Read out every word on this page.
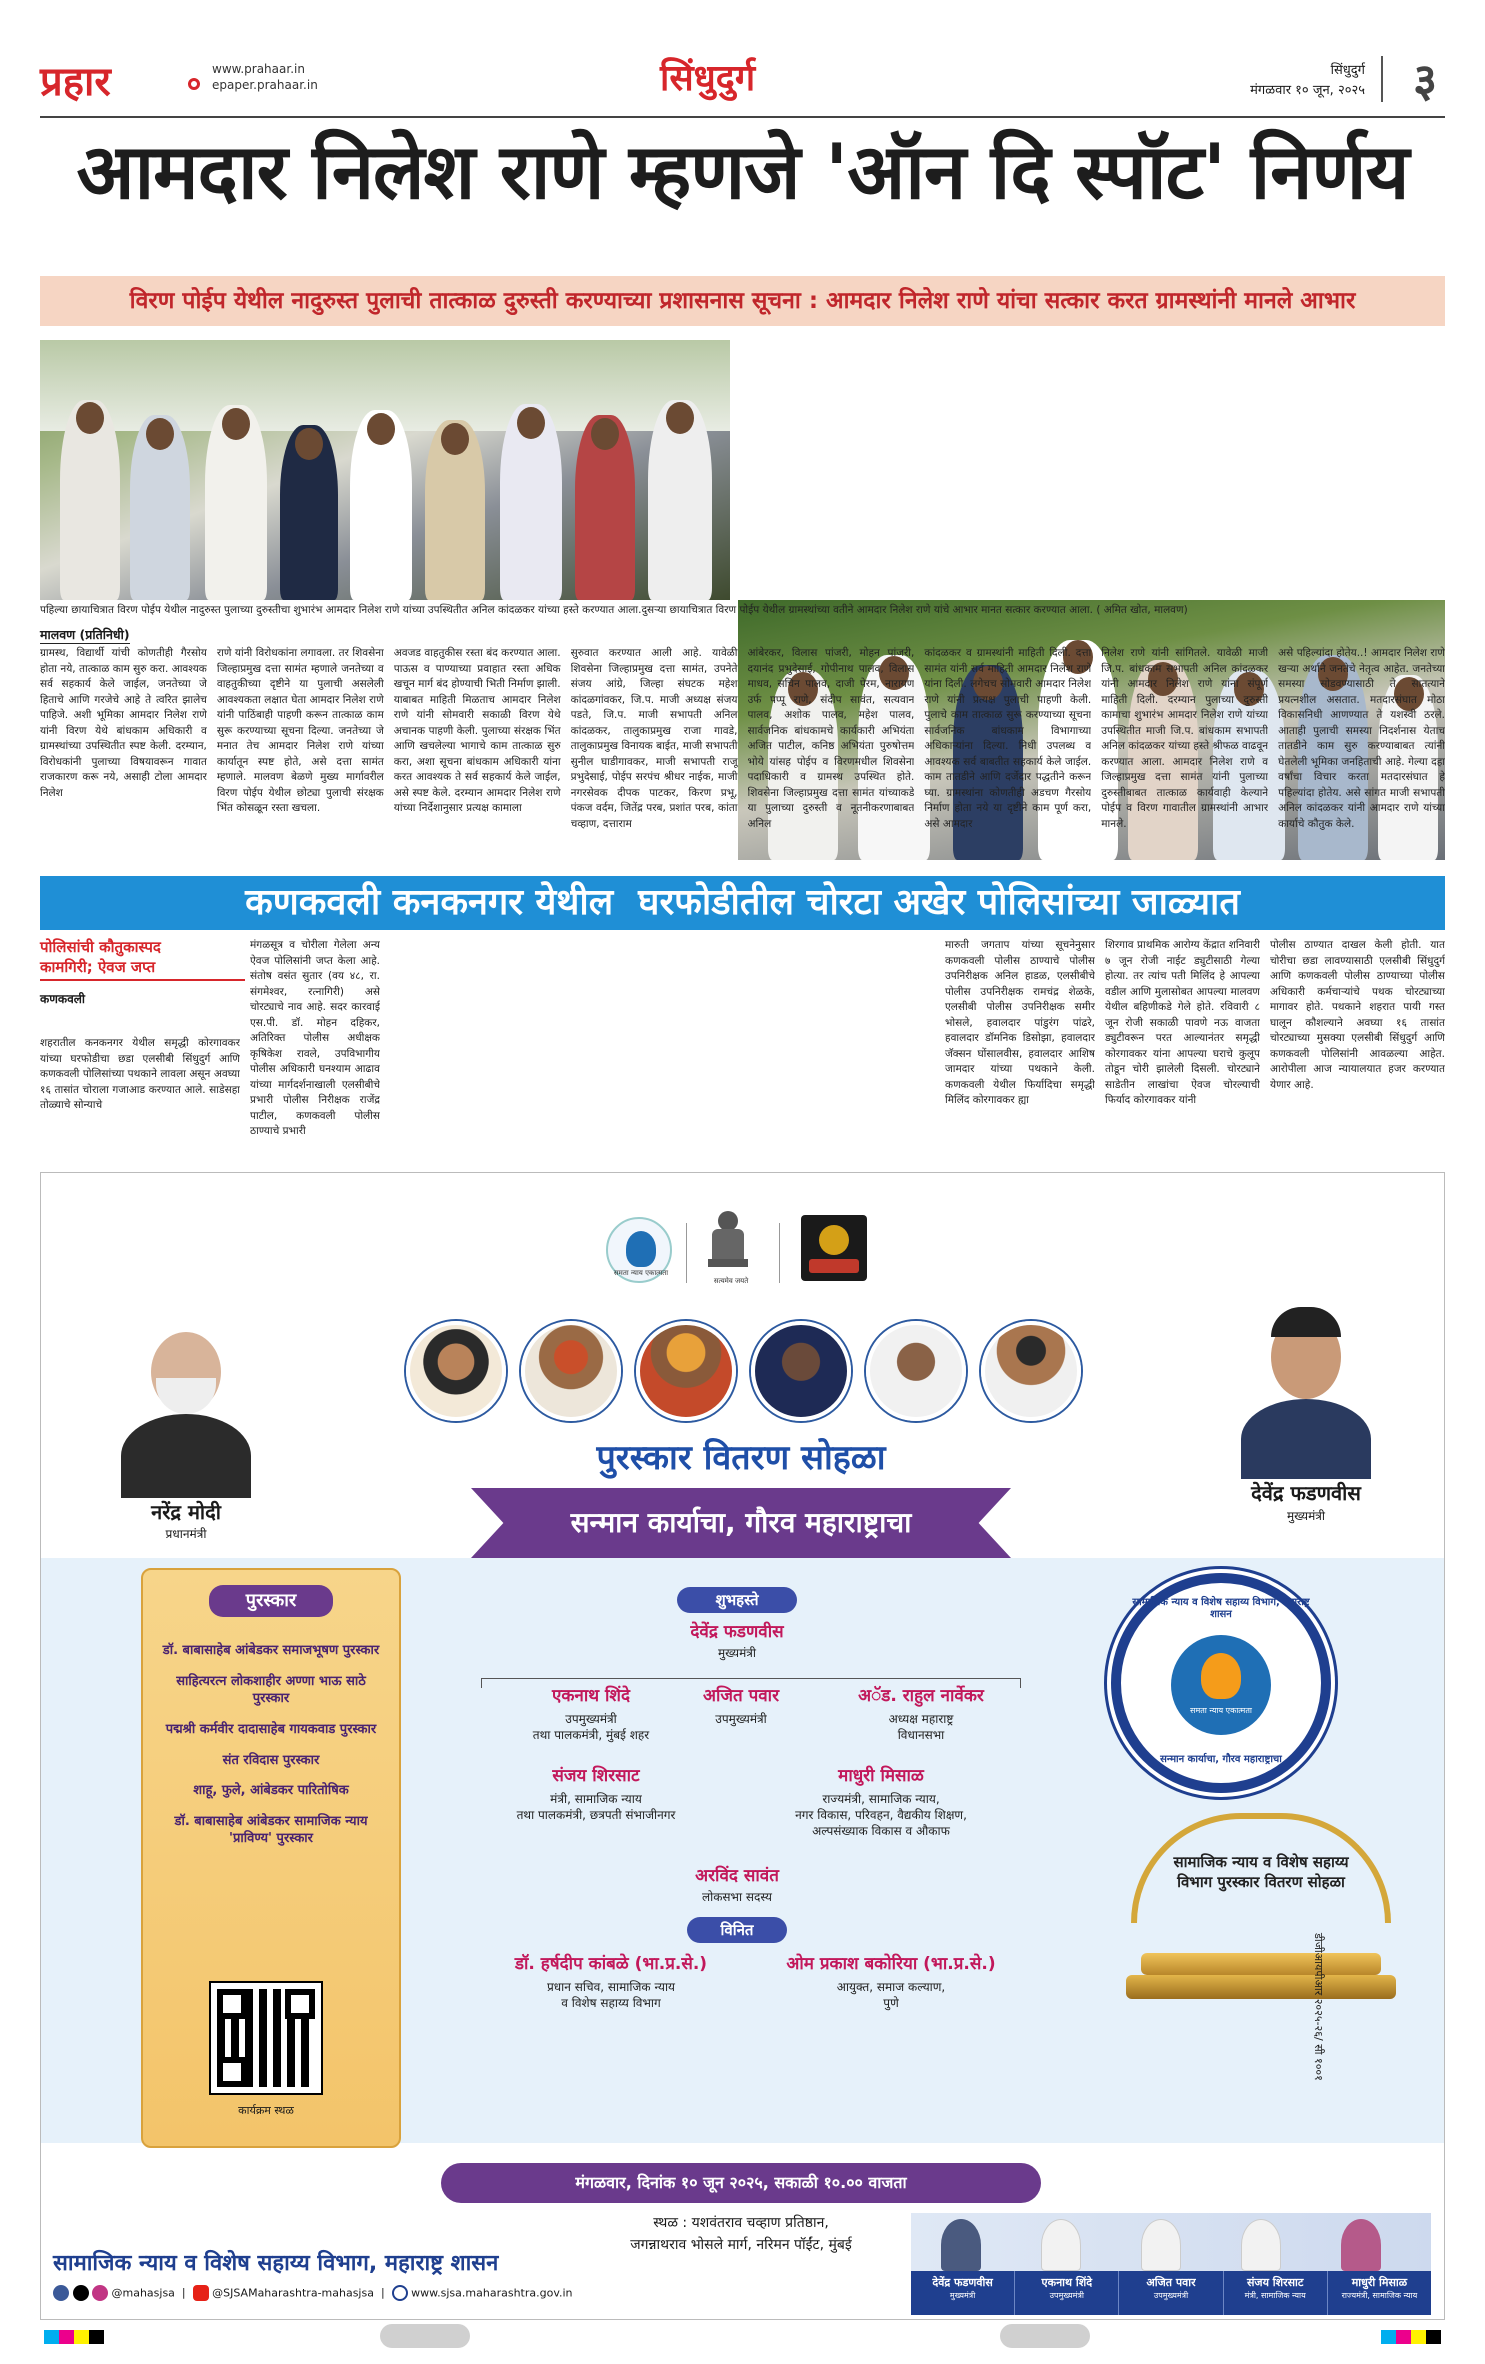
प्रहार	www.prahaar.in
epaper.prahaar.in	सिंधुदुर्ग	सिंधुदुर्ग
मंगळवार १० जून, २०२५ ३
आमदार निलेश राणे म्हणजे 'ऑन दि स्पॉट' निर्णय
विरण पोईप येथील नादुरुस्त पुलाची तात्काळ दुरुस्ती करण्याच्या प्रशासनास सूचना : आमदार निलेश राणे यांचा सत्कार करत ग्रामस्थांनी मानले आभार
पहिल्या छायाचित्रात विरण पोईप येथील नादुरुस्त पुलाच्या दुरुस्तीचा शुभारंभ आमदार निलेश राणे यांच्या उपस्थितीत अनिल कांदळकर यांच्या हस्ते करण्यात आला.दुसऱ्या छायाचित्रात विरण पोईप येथील ग्रामस्थांच्या वतीने आमदार निलेश राणे यांचे आभार मानत सत्कार करण्यात आला. ( अमित खोत, मालवण)
मालवण (प्रतिनिधी)
ग्रामस्थ, विद्यार्थी यांची कोणतीही गैरसोय होता नये, तात्काळ काम सुरु करा. आवश्यक सर्व सहकार्य केले जाईल, जनतेच्या जे हिताचे आणि गरजेचे आहे ते त्वरित झालेच पाहिजे. अशी भूमिका आमदार निलेश राणे यांनी विरण येथे बांधकाम अधिकारी व ग्रामस्थांच्या उपस्थितीत स्पष्ट केली. दरम्यान, विरोधकांनी पुलाच्या विषयावरून गावात राजकारण करू नये, असाही टोला आमदार निलेश
राणे यांनी विरोधकांना लगावला. तर शिवसेना जिल्हाप्रमुख दत्ता सामंत म्हणाले जनतेच्या व वाहतुकीच्या दृष्टीने या पुलाची असलेली आवश्यकता लक्षात घेता आमदार निलेश राणे यांनी पाठिंबाही पाहणी करून तात्काळ काम सुरू करण्याच्या सूचना दिल्या. जनतेच्या जे मनात तेच आमदार निलेश राणे यांच्या कार्यातून स्पष्ट होते, असे दत्ता सामंत म्हणाले. मालवण बेळणे मुख्य मार्गावरील विरण पोईप येथील छोट्या पुलाची संरक्षक भिंत कोसळून रस्ता खचला.
अवजड वाहतुकीस रस्ता बंद करण्यात आला. पाऊस व पाण्याच्या प्रवाहात रस्ता अधिक खचून मार्ग बंद होण्याची भिती निर्माण झाली. याबाबत माहिती मिळताच आमदार निलेश राणे यांनी सोमवारी सकाळी विरण येथे अचानक पाहणी केली. पुलाच्या संरक्षक भिंत आणि खचलेल्या भागाचे काम तात्काळ सुरु करा, अशा सूचना बांधकाम अधिकारी यांना करत आवश्यक ते सर्व सहकार्य केले जाईल, असे स्पष्ट केले. दरम्यान आमदार निलेश राणे यांच्या निर्देशानुसार प्रत्यक्ष कामाला
सुरुवात करण्यात आली आहे. यावेळी शिवसेना जिल्हाप्रमुख दत्ता सामंत, उपनेते संजय आंग्रे, जिल्हा संघटक महेश कांदळगांवकर, जि.प. माजी अध्यक्ष संजय पडते, जि.प. माजी सभापती अनिल कांदळकर, तालुकाप्रमुख राजा गावडे, तालुकाप्रमुख विनायक बाईत, माजी सभापती सुनील घाडीगावकर, माजी सभापती राजू प्रभुदेसाई, पोईप सरपंच श्रीधर नाईक, माजी नगरसेवक दीपक पाटकर, किरण प्रभू, पंकज वर्दम, जितेंद्र परब, प्रशांत परब, कांता चव्हाण, दत्ताराम
आंबेरकर, विलास पांजरी, मोहन पांजरी, दयानंद प्रभुदेसाई, गोपीनाथ पालव, विलास माधव, सचिन पालव, दाजी पेरम, नारायण उर्फ पप्पू राणे, संदीप सावंत, सत्यवान पालव, अशोक पालव, महेश पालव, सार्वजनिक बांधकामचे कार्यकारी अभियंता अजित पाटील, कनिष्ठ अभियंता पुरुषोत्तम भोये यांसह पोईप व विरणमधील शिवसेना पदाधिकारी व ग्रामस्थ उपस्थित होते. शिवसेना जिल्हाप्रमुख दत्ता सामंत यांच्याकडे या पुलाच्या दुरुस्ती व नूतनीकरणाबाबत अनिल
कांदळकर व ग्रामस्थांनी माहिती दिली. दत्ता सामंत यांनी सर्व माहिती आमदार निलेश राणे यांना दिली. लगेचच सोमवारी आमदार निलेश राणे यांनी प्रत्यक्ष पुलाची पाहणी केली. पुलाचे काम तात्काळ सुरू करण्याच्या सूचना सार्वजनिक बांधकाम विभागाच्या अधिकाऱ्यांना दिल्या. निधी उपलब्ध व आवश्यक सर्व बाबतीत सहकार्य केले जाईल. काम तातडीने आणि दर्जेदार पद्धतीने करून घ्या. ग्रामस्थांना कोणतीही अडचण गैरसोय निर्माण होता नये या दृष्टीने काम पूर्ण करा, असे आमदार
निलेश राणे यांनी सांगितले. यावेळी माजी जि.प. बांधकाम सभापती अनिल कांदळकर यांनी आमदार निलेश राणे यांना संपूर्ण माहिती दिली. दरम्यान पुलाच्या दुरुस्ती कामाचा शुभारंभ आमदार निलेश राणे यांच्या उपस्थितीत माजी जि.प. बांधकाम सभापती अनिल कांदळकर यांच्या हस्ते श्रीफळ वाढवून करण्यात आला. आमदार निलेश राणे व जिल्हाप्रमुख दत्ता सामंत यांनी पुलाच्या दुरुस्तीबाबत तात्काळ कार्यवाही केल्याने पोईप व विरण गावातील ग्रामस्थांनी आभार मानले.
असे पहिल्यांदा होतेय..! आमदार निलेश राणे खऱ्या अर्थाने जनतेचे नेतृत्व आहेत. जनतेच्या समस्या सोडवण्यासाठी ते सातत्याने प्रयत्नशील असतात. मतदारसंघात मोठा विकासनिधी आणण्यात ते यशस्वी ठरले. आताही पुलाची समस्या निदर्शनास येताच तातडीने काम सुरु करण्याबाबत त्यांनी घेतलेली भूमिका जनहिताची आहे. गेल्या दहा वर्षांचा विचार करता मतदारसंघात हे पहिल्यांदा होतेय. असे सांगत माजी सभापती अनिल कांदळकर यांनी आमदार राणे यांच्या कार्याचे कौतुक केले.
कणकवली कनकनगर येथील  घरफोडीतील चोरटा अखेर पोलिसांच्या जाळ्यात
पोलिसांची कौतुकास्पद
कामगिरी; ऐवज जप्त
कणकवली
शहरातील कनकनगर येथील समृद्धी कोरगावकर यांच्या घरफोडीचा छडा एलसीबी सिंधुदुर्ग आणि कणकवली पोलिसांच्या पथकाने लावला असून अवघ्या १६ तासांत चोराला गजाआड करण्यात आले. साडेसहा तोळ्याचे सोन्याचे
मंगळसूत्र व चोरीला गेलेला अन्य ऐवज पोलिसांनी जप्त केला आहे. संतोष वसंत सुतार (वय ४८, रा. संगमेश्वर, रत्नागिरी) असे चोरट्याचे नाव आहे. सदर कारवाई एस.पी. डॉ. मोहन दहिकर, अतिरिक्त पोलीस अधीक्षक कृषिकेश रावले, उपविभागीय पोलीस अधिकारी घनश्याम आढाव यांच्या मार्गदर्शनाखाली एलसीबीचे प्रभारी पोलीस निरीक्षक राजेंद्र पाटील, कणकवली पोलीस ठाण्याचे प्रभारी
मारुती जगताप यांच्या सूचनेनुसार कणकवली पोलीस ठाण्याचे पोलीस उपनिरीक्षक अनिल हाडळ, एलसीबीचे पोलीस उपनिरीक्षक रामचंद्र शेळके, एलसीबी पोलीस उपनिरीक्षक समीर भोसले, हवालदार पांडुरंग पांढरे, हवालदार डॉमनिक डिसोझा, हवालदार जॅक्सन घोंसालवीस, हवालदार आशिष जामदार यांच्या पथकाने केली. कणकवली येथील फिर्यादिचा समृद्धी मिलिंद कोरगावकर ह्या
शिरगाव प्राथमिक आरोग्य केंद्रात शनिवारी ७ जून रोजी नाईट ड्युटीसाठी गेल्या होत्या. तर त्यांच पती मिलिंद हे आपल्या वडील आणि मुलासोबत आपल्या मालवण येथील बहिणीकडे गेले होते. रविवारी ८ जून रोजी सकाळी पावणे नऊ वाजता ड्युटीवरून परत आल्यानंतर समृद्धी कोरगावकर यांना आपल्या घराचे कुलूप तोडून चोरी झालेली दिसली. चोरट्याने साडेतीन लाखांचा ऐवज चोरल्याची फिर्याद कोरगावकर यांनी
पोलीस ठाण्यात दाखल केली होती. यात चोरीचा छडा लावण्यासाठी एलसीबी सिंधुदुर्ग आणि कणकवली पोलीस ठाण्याच्या पोलीस अधिकारी कर्मचाऱ्यांचे पथक चोरट्याच्या मागावर होते. पथकाने शहरात पायी गस्त घालून कौशल्याने अवघ्या १६ तासांत चोरट्याच्या मुसक्या एलसीबी सिंधुदुर्ग आणि कणकवली पोलिसांनी आवळल्या आहेत. आरोपीला आज न्यायालयात हजर करण्यात येणार आहे.
समता न्याय एकात्मता
सत्यमेव जयते
नरेंद्र मोदी
प्रधानमंत्री
देवेंद्र फडणवीस
मुख्यमंत्री
पुरस्कार वितरण सोहळा
सन्मान कार्याचा, गौरव महाराष्ट्राचा
पुरस्कार
डॉ. बाबासाहेब आंबेडकर समाजभूषण पुरस्कार
साहित्यरत्न लोकशाहीर अण्णा भाऊ साठे पुरस्कार
पद्मश्री कर्मवीर दादासाहेब गायकवाड पुरस्कार
संत रविदास पुरस्कार
शाहू, फुले, आंबेडकर पारितोषिक
डॉ. बाबासाहेब आंबेडकर सामाजिक न्याय 'प्राविण्य' पुरस्कार
कार्यक्रम स्थळ
शुभहस्ते
देवेंद्र फडणवीस
मुख्यमंत्री
एकनाथ शिंदे
उपमुख्यमंत्री
तथा पालकमंत्री, मुंबई शहर
अजित पवार
उपमुख्यमंत्री
अॅड. राहुल नार्वेकर
अध्यक्ष महाराष्ट्र
विधानसभा
संजय शिरसाट
मंत्री, सामाजिक न्याय
तथा पालकमंत्री, छत्रपती संभाजीनगर
माधुरी मिसाळ
राज्यमंत्री, सामाजिक न्याय,
नगर विकास, परिवहन, वैद्यकीय शिक्षण,
अल्पसंख्याक विकास व औकाफ
अरविंद सावंत
लोकसभा सदस्य
विनित
डॉ. हर्षदीप कांबळे (भा.प्र.से.)
प्रधान सचिव, सामाजिक न्याय
व विशेष सहाय्य विभाग
ओम प्रकाश बकोरिया (भा.प्र.से.)
आयुक्त, समाज कल्याण,
पुणे
सामाजिक न्याय व विशेष सहाय्य विभाग, महाराष्ट्र शासन
समता न्याय एकात्मता
सन्मान कार्याचा, गौरव महाराष्ट्राचा
सामाजिक न्याय व विशेष सहाय्य विभाग पुरस्कार वितरण सोहळा
डीजीआयपीआर २०२५-२६/ सी १००१
मंगळवार, दिनांक १० जून २०२५, सकाळी १०.०० वाजता
स्थळ : यशवंतराव चव्हाण प्रतिष्ठान,
जगन्नाथराव भोसले मार्ग, नरिमन पॉईंट, मुंबई
सामाजिक न्याय व विशेष सहाय्य विभाग, महाराष्ट्र शासन
@mahasjsa  |   @SJSAMaharashtra-mahasjsa  |   www.sjsa.maharashtra.gov.in
देवेंद्र फडणवीस
मुख्यमंत्री
एकनाथ शिंदे
उपमुख्यमंत्री
अजित पवार
उपमुख्यमंत्री
संजय शिरसाट
मंत्री, सामाजिक न्याय
माधुरी मिसाळ
राज्यमंत्री, सामाजिक न्याय
